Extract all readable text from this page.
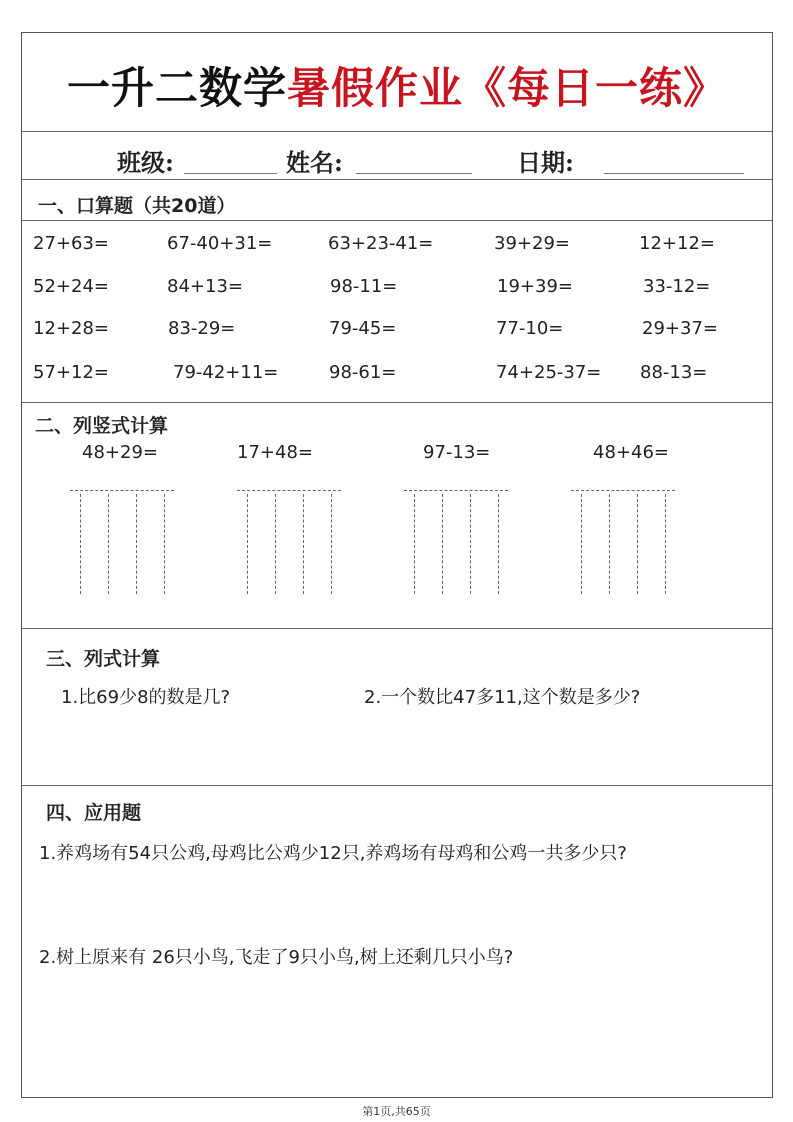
一升二数学暑假作业《每日一练》
班级:	姓名:	日期:
一、口算题（共20道）
27+63=	67-40+31=	63+23-41=	39+29=	12+12=
52+24=	84+13=	98-11=	19+39=	33-12=
12+28=	83-29=	79-45=	77-10=	29+37=
57+12=	79-42+11=	98-61=	74+25-37= 88-13=
二、列竖式计算
48+29=	17+48=	97-13=	48+46=
三、列式计算
1.比69少8的数是几?	2.一个数比47多11,这个数是多少?
四、应用题
1.养鸡场有54只公鸡,母鸡比公鸡少12只,养鸡场有母鸡和公鸡一共多少只?
2.树上原来有 26只小鸟,飞走了9只小鸟,树上还剩几只小鸟?
第1页,共65页
